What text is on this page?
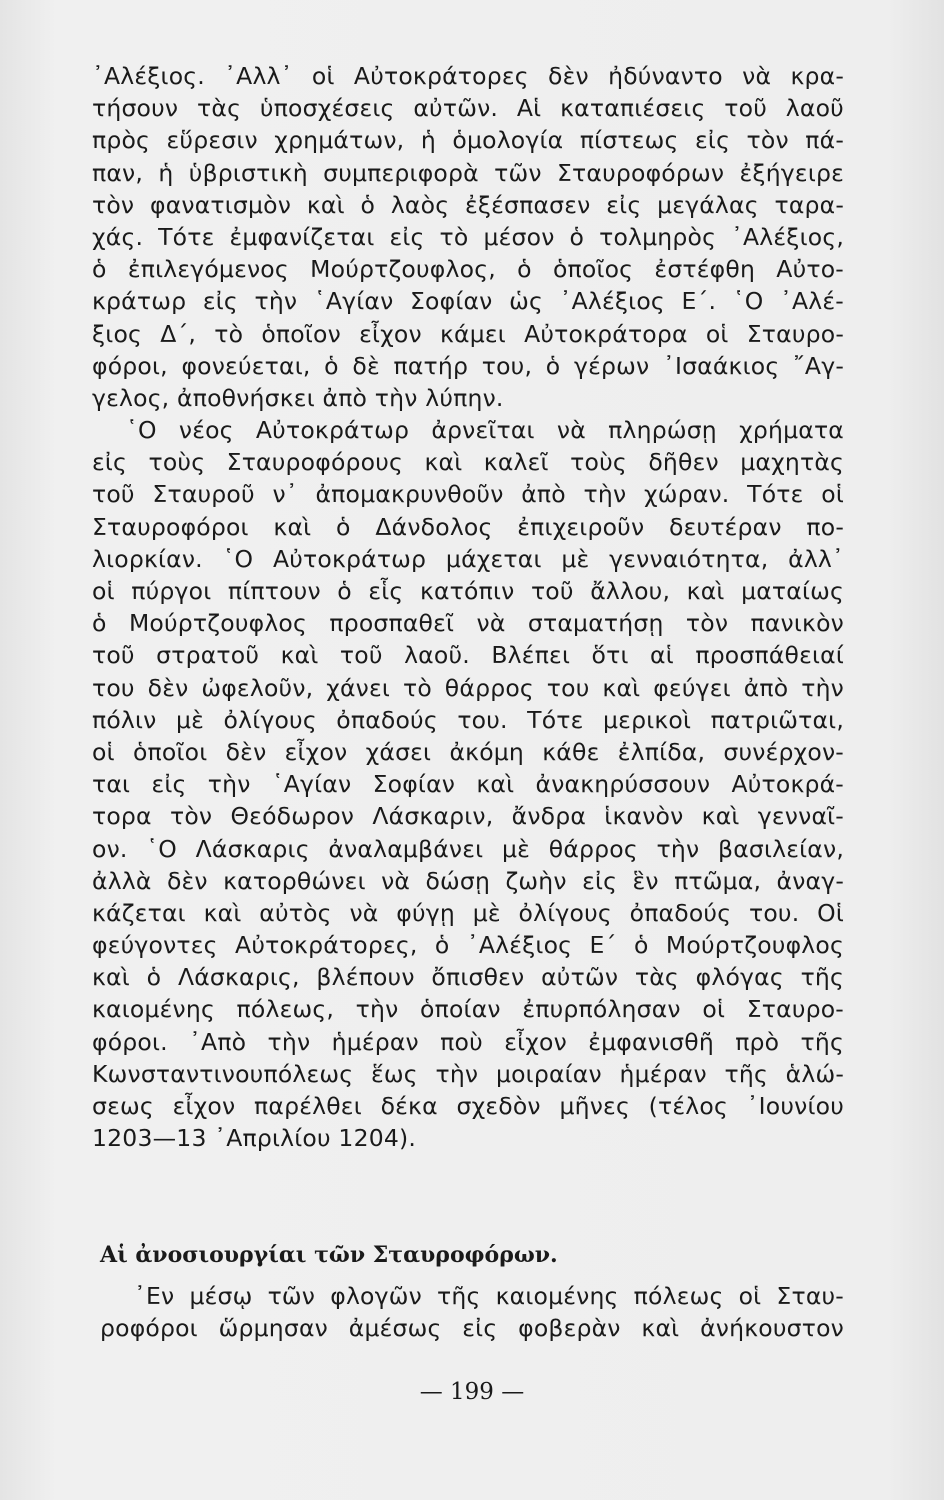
᾿Αλέξιος. ᾿Αλλ᾿ οἱ Αὐτοκράτορες δὲν ἠδύναντο νὰ κρα-
τήσουν τὰς ὑποσχέσεις αὐτῶν. Αἱ καταπιέσεις τοῦ λαοῦ
πρὸς εὕρεσιν χρημάτων, ἡ ὁμολογία πίστεως εἰς τὸν πά-
παν, ἡ ὑβριστικὴ συμπεριφορὰ τῶν Σταυροφόρων ἐξήγειρε
τὸν φανατισμὸν καὶ ὁ λαὸς ἐξέσπασεν εἰς μεγάλας ταρα-
χάς. Τότε ἐμφανίζεται εἰς τὸ μέσον ὁ τολμηρὸς ᾿Αλέξιος,
ὁ ἐπιλεγόμενος Μούρτζουφλος, ὁ ὁποῖος ἐστέφθη Αὐτο-
κράτωρ εἰς τὴν ῾Αγίαν Σοφίαν ὡς ᾿Αλέξιος Ε΄. ῾Ο ᾿Αλέ-
ξιος Δ΄, τὸ ὁποῖον εἶχον κάμει Αὐτοκράτορα οἱ Σταυρο-
φόροι, φονεύεται, ὁ δὲ πατήρ του, ὁ γέρων ᾿Ισαάκιος ῎Αγ-
γελος, ἀποθνήσκει ἀπὸ τὴν λύπην.
῾Ο νέος Αὐτοκράτωρ ἀρνεῖται νὰ πληρώσῃ χρήματα
εἰς τοὺς Σταυροφόρους καὶ καλεῖ τοὺς δῆθεν μαχητὰς
τοῦ Σταυροῦ ν᾿ ἀπομακρυνθοῦν ἀπὸ τὴν χώραν. Τότε οἱ
Σταυροφόροι καὶ ὁ Δάνδολος ἐπιχειροῦν δευτέραν πο-
λιορκίαν. ῾Ο Αὐτοκράτωρ μάχεται μὲ γενναιότητα, ἀλλ᾿
οἱ πύργοι πίπτουν ὁ εἷς κατόπιν τοῦ ἄλλου, καὶ ματαίως
ὁ Μούρτζουφλος προσπαθεῖ νὰ σταματήσῃ τὸν πανικὸν
τοῦ στρατοῦ καὶ τοῦ λαοῦ. Βλέπει ὅτι αἱ προσπάθειαί
του δὲν ὠφελοῦν, χάνει τὸ θάρρος του καὶ φεύγει ἀπὸ τὴν
πόλιν μὲ ὀλίγους ὀπαδούς του. Τότε μερικοὶ πατριῶται,
οἱ ὁποῖοι δὲν εἶχον χάσει ἀκόμη κάθε ἐλπίδα, συνέρχον-
ται εἰς τὴν ῾Αγίαν Σοφίαν καὶ ἀνακηρύσσουν Αὐτοκρά-
τορα τὸν Θεόδωρον Λάσκαριν, ἄνδρα ἱκανὸν καὶ γενναῖ-
ον. ῾Ο Λάσκαρις ἀναλαμβάνει μὲ θάρρος τὴν βασιλείαν,
ἀλλὰ δὲν κατορθώνει νὰ δώσῃ ζωὴν εἰς ἓν πτῶμα, ἀναγ-
κάζεται καὶ αὐτὸς νὰ φύγῃ μὲ ὀλίγους ὀπαδούς του. Οἱ
φεύγοντες Αὐτοκράτορες, ὁ ᾿Αλέξιος Ε΄ ὁ Μούρτζουφλος
καὶ ὁ Λάσκαρις, βλέπουν ὄπισθεν αὐτῶν τὰς φλόγας τῆς
καιομένης πόλεως, τὴν ὁποίαν ἐπυρπόλησαν οἱ Σταυρο-
φόροι. ᾿Απὸ τὴν ἡμέραν ποὺ εἶχον ἐμφανισθῆ πρὸ τῆς
Κωνσταντινουπόλεως ἕως τὴν μοιραίαν ἡμέραν τῆς ἁλώ-
σεως εἶχον παρέλθει δέκα σχεδὸν μῆνες (τέλος ᾿Ιουνίου
1203—13 ᾿Απριλίου 1204).
Αἱ ἀνοσιουργίαι τῶν Σταυροφόρων.
᾿Εν μέσῳ τῶν φλογῶν τῆς καιομένης πόλεως οἱ Σταυ-
ροφόροι ὥρμησαν ἀμέσως εἰς φοβερὰν καὶ ἀνήκουστον
— 199 —
